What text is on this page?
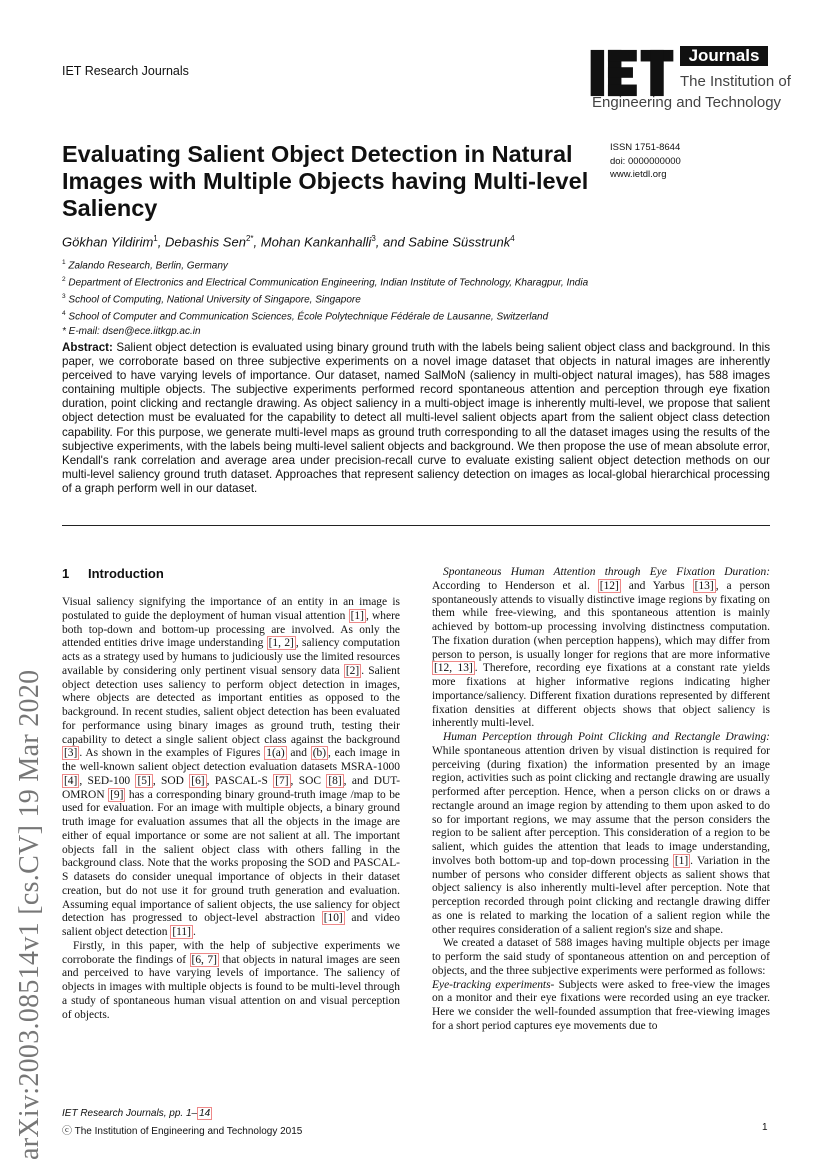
IET Research Journals
Journals
The Institution of
Engineering and Technology
Evaluating Salient Object Detection in Natural Images with Multiple Objects having Multi-level Saliency
ISSN 1751-8644
doi: 0000000000
www.ietdl.org
Gökhan Yildirim$^1$, Debashis Sen$^{2*}$, Mohan Kankanhalli$^3$, and Sabine Süsstrunk$^4$
$^1$ Zalando Research, Berlin, Germany
$^2$ Department of Electronics and Electrical Communication Engineering, Indian Institute of Technology, Kharagpur, India
$^3$ School of Computing, National University of Singapore, Singapore
$^4$ School of Computer and Communication Sciences, École Polytechnique Fédérale de Lausanne, Switzerland
* E-mail: dsen@ece.iitkgp.ac.in
Abstract: Salient object detection is evaluated using binary ground truth with the labels being salient object class and background. In this paper, we corroborate based on three subjective experiments on a novel image dataset that objects in natural images are inherently perceived to have varying levels of importance. Our dataset, named SalMoN (saliency in multi-object natural images), has 588 images containing multiple objects. The subjective experiments performed record spontaneous attention and perception through eye fixation duration, point clicking and rectangle drawing. As object saliency in a multi-object image is inherently multi-level, we propose that salient object detection must be evaluated for the capability to detect all multi-level salient objects apart from the salient object class detection capability. For this purpose, we generate multi-level maps as ground truth corresponding to all the dataset images using the results of the subjective experiments, with the labels being multi-level salient objects and background. We then propose the use of mean absolute error, Kendall's rank correlation and average area under precision-recall curve to evaluate existing salient object detection methods on our multi-level saliency ground truth dataset. Approaches that represent saliency detection on images as local-global hierarchical processing of a graph perform well in our dataset.
arXiv:2003.08514v1 [cs.CV] 19 Mar 2020
1 Introduction

Visual saliency signifying the importance of an entity in an image is postulated to guide the deployment of human visual attention [1] , where both top-down and bottom-up processing are involved. As only the attended entities drive image understanding [1, 2] , saliency computation acts as a strategy used by humans to judiciously use the limited resources available by considering only pertinent visual sensory data [2] . Salient object detection uses saliency to perform object detection in images, where objects are detected as important entities as opposed to the background. In recent studies, salient object detection has been evaluated for performance using binary images as ground truth, testing their capability to detect a single salient object class against the background [3] . As shown in the examples of Figures 1(a) and (b) , each image in the well-known salient object detection evaluation datasets MSRA-1000 [4] , SED-100 [5] , SOD [6] , PASCAL-S [7] , SOC [8] , and DUT-OMRON [9] has a corresponding binary ground-truth image /map to be used for evaluation. For an image with multiple objects, a binary ground truth image for evaluation assumes that all the objects in the image are either of equal importance or some are not salient at all. The important objects fall in the salient object class with others falling in the background class. Note that the works proposing the SOD and PASCAL-S datasets do consider unequal importance of objects in their dataset creation, but do not use it for ground truth generation and evaluation. Assuming equal importance of salient objects, the use saliency for object detection has progressed to object-level abstraction [10] and video salient object detection [11] .

Firstly, in this paper, with the help of subjective experiments we corroborate the findings of [6, 7] that objects in natural images are seen and perceived to have varying levels of importance. The saliency of objects in images with multiple objects is found to be multi-level through a study of spontaneous human visual attention on and visual perception of objects.

Spontaneous Human Attention through Eye Fixation Duration: According to Henderson et al. [12] and Yarbus [13] , a person spontaneously attends to visually distinctive image regions by fixating on them while free-viewing, and this spontaneous attention is mainly achieved by bottom-up processing involving distinctness computation. The fixation duration (when perception happens), which may differ from person to person, is usually longer for regions that are more informative [12, 13] . Therefore, recording eye fixations at a constant rate yields more fixations at higher informative regions indicating higher importance/saliency. Different fixation durations represented by different fixation densities at different objects shows that object saliency is inherently multi-level.

Human Perception through Point Clicking and Rectangle Drawing: While spontaneous attention driven by visual distinction is required for perceiving (during fixation) the information presented by an image region, activities such as point clicking and rectangle drawing are usually performed after perception. Hence, when a person clicks on or draws a rectangle around an image region by attending to them upon asked to do so for important regions, we may assume that the person considers the region to be salient after perception. This consideration of a region to be salient, which guides the attention that leads to image understanding, involves both bottom-up and top-down processing [1] . Variation in the number of persons who consider different objects as salient shows that object saliency is also inherently multi-level after perception. Note that perception recorded through point clicking and rectangle drawing differ as one is related to marking the location of a salient region while the other requires consideration of a salient region's size and shape.

We created a dataset of 588 images having multiple objects per image to perform the said study of spontaneous attention on and perception of objects, and the three subjective experiments were performed as follows:

Eye-tracking experiments- Subjects were asked to free-view the images on a monitor and their eye fixations were recorded using an eye tracker. Here we consider the well-founded assumption that free-viewing images for a short period captures eye movements due to

IET Research Journals, pp. 1– 14
ⓒ The Institution of Engineering and Technology 2015	1
